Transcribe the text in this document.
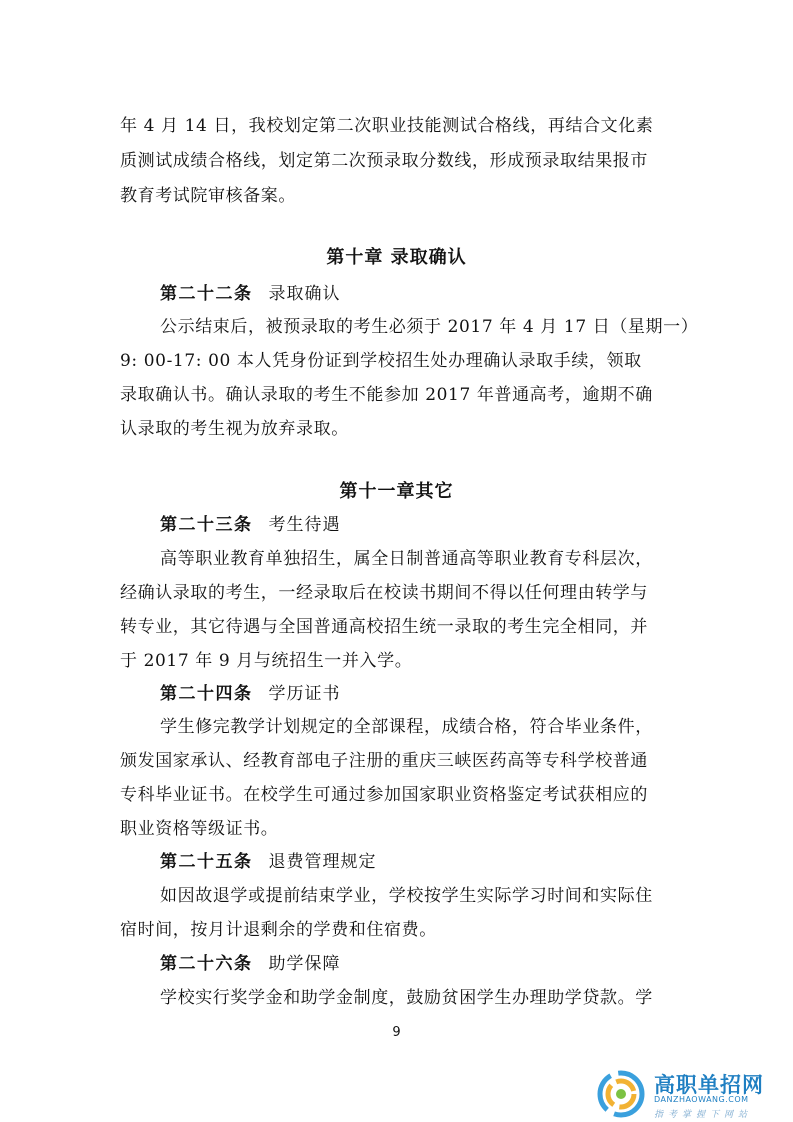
年 4 月 14 日，我校划定第二次职业技能测试合格线，再结合文化素
质测试成绩合格线，划定第二次预录取分数线，形成预录取结果报市
教育考试院审核备案。
第十章 录取确认
第二十二条 录取确认
公示结束后，被预录取的考生必须于 2017 年 4 月 17 日（星期一）
9: 00-17: 00 本人凭身份证到学校招生处办理确认录取手续，领取
录取确认书。确认录取的考生不能参加 2017 年普通高考，逾期不确
认录取的考生视为放弃录取。
第十一章其它
第二十三条 考生待遇
高等职业教育单独招生，属全日制普通高等职业教育专科层次，
经确认录取的考生，一经录取后在校读书期间不得以任何理由转学与
转专业，其它待遇与全国普通高校招生统一录取的考生完全相同，并
于 2017 年 9 月与统招生一并入学。
第二十四条 学历证书
学生修完教学计划规定的全部课程，成绩合格，符合毕业条件，
颁发国家承认、经教育部电子注册的重庆三峡医药高等专科学校普通
专科毕业证书。在校学生可通过参加国家职业资格鉴定考试获相应的
职业资格等级证书。
第二十五条 退费管理规定
如因故退学或提前结束学业，学校按学生实际学习时间和实际住
宿时间，按月计退剩余的学费和住宿费。
第二十六条 助学保障
学校实行奖学金和助学金制度，鼓励贫困学生办理助学贷款。学
9
高职单招网
DANZHAOWANG.COM
指考掌握下网站
